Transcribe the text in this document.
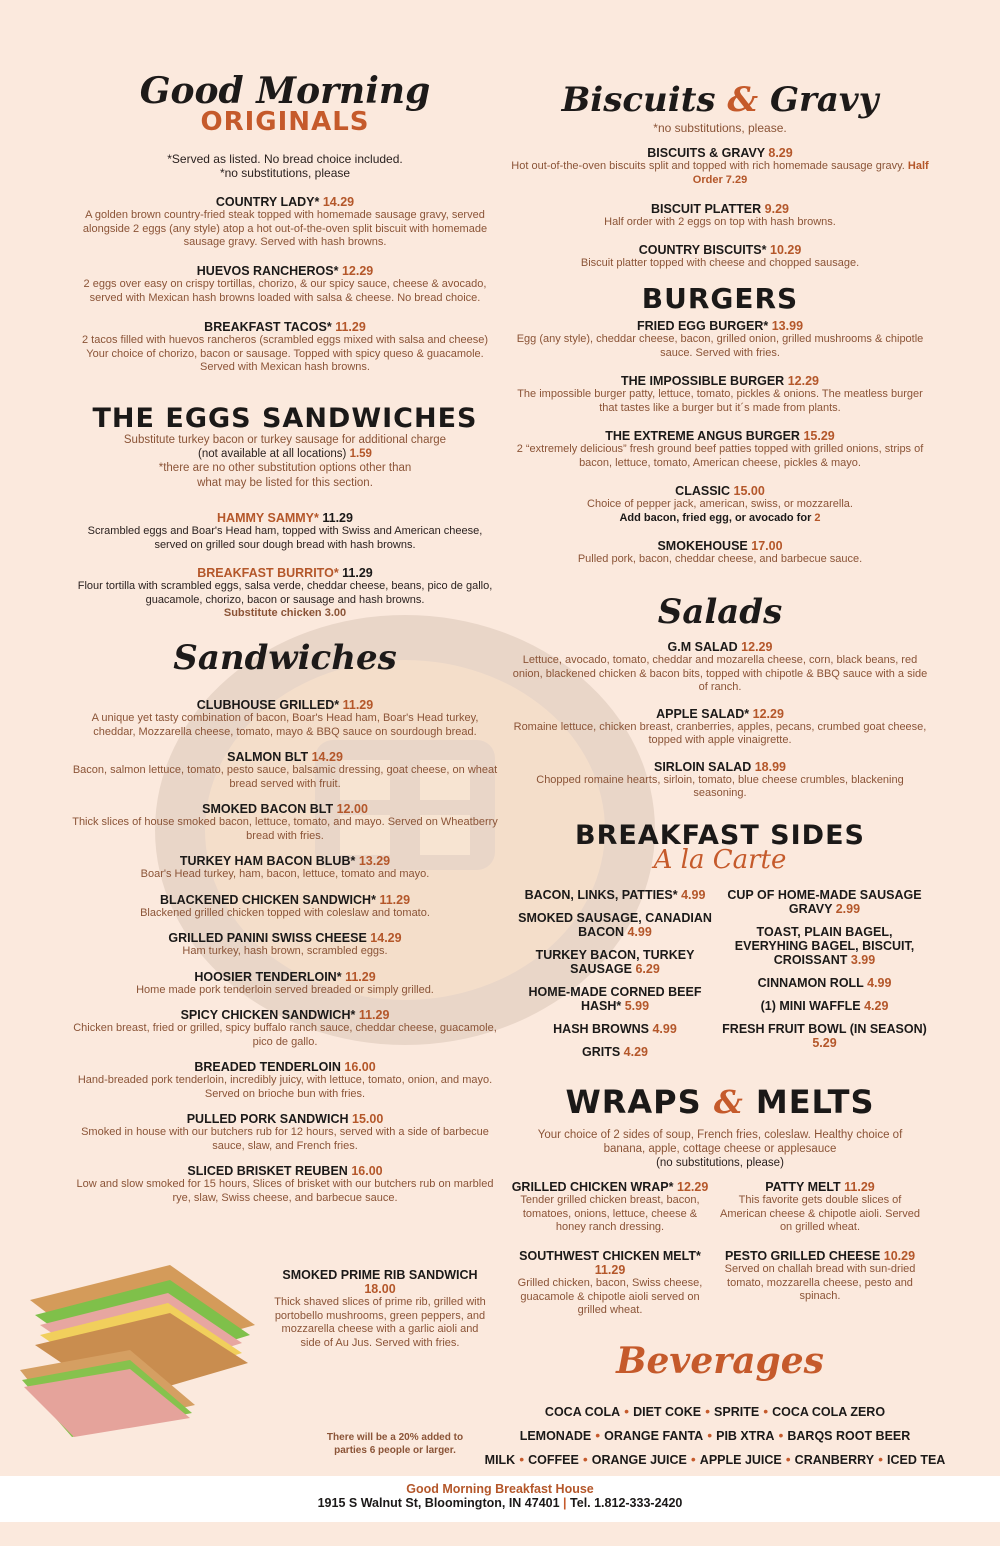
Good Morning
ORIGINALS
*Served as listed. No bread choice included.
*no substitutions, please
COUNTRY LADY* 14.29
A golden brown country-fried steak topped with homemade sausage gravy, served alongside 2 eggs (any style) atop a hot out-of-the-oven split biscuit with homemade sausage gravy. Served with hash browns.
HUEVOS RANCHEROS* 12.29
2 eggs over easy on crispy tortillas, chorizo, & our spicy sauce, cheese & avocado, served with Mexican hash browns loaded with salsa & cheese. No bread choice.
BREAKFAST TACOS* 11.29
2 tacos filled with huevos rancheros (scrambled eggs mixed with salsa and cheese) Your choice of chorizo, bacon or sausage. Topped with spicy queso & guacamole. Served with Mexican hash browns.
THE EGGS SANDWICHES
Substitute turkey bacon or turkey sausage for additional charge
(not available at all locations) 1.59
*there are no other substitution options other than
what may be listed for this section.
HAMMY SAMMY* 11.29
Scrambled eggs and Boar's Head ham, topped with Swiss and American cheese, served on grilled sour dough bread with hash browns.
BREAKFAST BURRITO* 11.29
Flour tortilla with scrambled eggs, salsa verde, cheddar cheese, beans, pico de gallo, guacamole, chorizo, bacon or sausage and hash browns.
Substitute chicken 3.00
Sandwiches
CLUBHOUSE GRILLED* 11.29
A unique yet tasty combination of bacon, Boar's Head ham, Boar's Head turkey, cheddar, Mozzarella cheese, tomato, mayo & BBQ sauce on sourdough bread.
SALMON BLT 14.29
Bacon, salmon lettuce, tomato, pesto sauce, balsamic dressing, goat cheese, on wheat bread served with fruit.
SMOKED BACON BLT 12.00
Thick slices of house smoked bacon, lettuce, tomato, and mayo. Served on Wheatberry bread with fries.
TURKEY HAM BACON BLUB* 13.29
Boar's Head turkey, ham, bacon, lettuce, tomato and mayo.
BLACKENED CHICKEN SANDWICH* 11.29
Blackened grilled chicken topped with coleslaw and tomato.
GRILLED PANINI SWISS CHEESE 14.29
Ham turkey, hash brown, scrambled eggs.
HOOSIER TENDERLOIN* 11.29
Home made pork tenderloin served breaded or simply grilled.
SPICY CHICKEN SANDWICH* 11.29
Chicken breast, fried or grilled, spicy buffalo ranch sauce, cheddar cheese, guacamole, pico de gallo.
BREADED TENDERLOIN 16.00
Hand-breaded pork tenderloin, incredibly juicy, with lettuce, tomato, onion, and mayo. Served on brioche bun with fries.
PULLED PORK SANDWICH 15.00
Smoked in house with our butchers rub for 12 hours, served with a side of barbecue sauce, slaw, and French fries.
SLICED BRISKET REUBEN 16.00
Low and slow smoked for 15 hours, Slices of brisket with our butchers rub on marbled rye, slaw, Swiss cheese, and barbecue sauce.
SMOKED PRIME RIB SANDWICH
18.00
Thick shaved slices of prime rib, grilled with portobello mushrooms, green peppers, and mozzarella cheese with a garlic aioli and side of Au Jus. Served with fries.
There will be a 20% added to parties 6 people or larger.
Biscuits & Gravy
*no substitutions, please.
BISCUITS & GRAVY 8.29
Hot out-of-the-oven biscuits split and topped with rich homemade sausage gravy. Half Order 7.29
BISCUIT PLATTER 9.29
Half order with 2 eggs on top with hash browns.
COUNTRY BISCUITS* 10.29
Biscuit platter topped with cheese and chopped sausage.
BURGERS
FRIED EGG BURGER* 13.99
Egg (any style), cheddar cheese, bacon, grilled onion, grilled mushrooms & chipotle sauce. Served with fries.
THE IMPOSSIBLE BURGER 12.29
The impossible burger patty, lettuce, tomato, pickles & onions. The meatless burger that tastes like a burger but it´s made from plants.
THE EXTREME ANGUS BURGER 15.29
2 “extremely delicious” fresh ground beef patties topped with grilled onions, strips of bacon, lettuce, tomato, American cheese, pickles & mayo.
CLASSIC 15.00
Choice of pepper jack, american, swiss, or mozzarella.
Add bacon, fried egg, or avocado for 2
SMOKEHOUSE 17.00
Pulled pork, bacon, cheddar cheese, and barbecue sauce.
Salads
G.M SALAD 12.29
Lettuce, avocado, tomato, cheddar and mozarella cheese, corn, black beans, red onion, blackened chicken & bacon bits, topped with chipotle & BBQ sauce with a side of ranch.
APPLE SALAD* 12.29
Romaine lettuce, chicken breast, cranberries, apples, pecans, crumbed goat cheese, topped with apple vinaigrette.
SIRLOIN SALAD 18.99
Chopped romaine hearts, sirloin, tomato, blue cheese crumbles, blackening seasoning.
BREAKFAST SIDES
A la Carte
BACON, LINKS, PATTIES* 4.99
SMOKED SAUSAGE, CANADIAN BACON 4.99
TURKEY BACON, TURKEY SAUSAGE 6.29
HOME-MADE CORNED BEEF HASH* 5.99
HASH BROWNS 4.99
GRITS 4.29
CUP OF HOME-MADE SAUSAGE GRAVY 2.99
TOAST, PLAIN BAGEL, EVERYHING BAGEL, BISCUIT, CROISSANT 3.99
CINNAMON ROLL 4.99
(1) MINI WAFFLE 4.29
FRESH FRUIT BOWL (IN SEASON) 5.29
WRAPS & MELTS
Your choice of 2 sides of soup, French fries, coleslaw. Healthy choice of banana, apple, cottage cheese or applesauce
(no substitutions, please)
GRILLED CHICKEN WRAP* 12.29
Tender grilled chicken breast, bacon, tomatoes, onions, lettuce, cheese & honey ranch dressing.
PATTY MELT 11.29
This favorite gets double slices of American cheese & chipotle aioli. Served on grilled wheat.
SOUTHWEST CHICKEN MELT* 11.29
Grilled chicken, bacon, Swiss cheese, guacamole & chipotle aioli served on grilled wheat.
PESTO GRILLED CHEESE 10.29
Served on challah bread with sun-dried tomato, mozzarella cheese, pesto and spinach.
Beverages
COCA COLA • DIET COKE • SPRITE • COCA COLA ZERO
LEMONADE • ORANGE FANTA • PIB XTRA • BARQS ROOT BEER
MILK • COFFEE • ORANGE JUICE • APPLE JUICE • CRANBERRY • ICED TEA
Good Morning Breakfast House
1915 S Walnut St, Bloomington, IN 47401 | Tel. 1.812-333-2420
